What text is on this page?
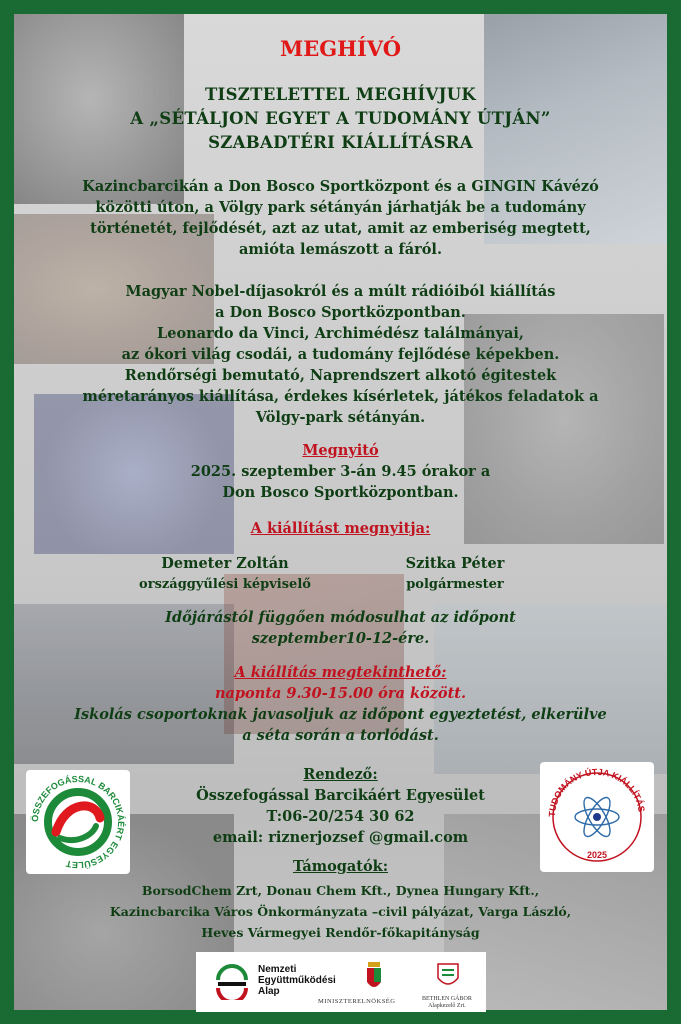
MEGHÍVÓ
TISZTELETTEL MEGHÍVJUK
A „SÉTÁLJON EGYET A TUDOMÁNY ÚTJÁN”
SZABADTÉRI KIÁLLÍTÁSRA
Kazincbarcikán a Don Bosco Sportközpont és a GINGIN Kávézó
közötti úton, a Völgy park sétányán járhatják be a tudomány
történetét, fejlődését, azt az utat, amit az emberiség megtett,
amióta lemászott a fáról.
Magyar Nobel-díjasokról és a múlt rádióiból kiállítás
a Don Bosco Sportközpontban.
Leonardo da Vinci, Archimédész találmányai,
az ókori világ csodái, a tudomány fejlődése képekben.
Rendőrségi bemutató, Naprendszert alkotó égitestek
méretarányos kiállítása, érdekes kísérletek, játékos feladatok a
Völgy-park sétányán.
Megnyitó
2025. szeptember 3-án 9.45 órakor a
Don Bosco Sportközpontban.
A kiállítást megnyitja:
Demeter Zoltán
országgyűlési képviselő
Szitka Péter
polgármester
Időjárástól függően módosulhat az időpont
szeptember10-12-ére.
A kiállítás megtekinthető:
naponta 9.30-15.00 óra között.
Iskolás csoportoknak javasoljuk az időpont egyeztetést, elkerülve
a séta során a torlódást.
Rendező:
Összefogással Barcikáért Egyesület
T:06-20/254 30 62
email: riznerjozsef @gmail.com
Támogatók:
BorsodChem Zrt, Donau Chem Kft., Dynea Hungary Kft.,
Kazincbarcika Város Önkormányzata –civil pályázat, Varga László,
Heves Vármegyei Rendőr-főkapitányság
ÖSSZEFOGÁSSAL BARCIKÁÉRT EGYESÜLET
TUDOMÁNY ÚTJA KIÁLLÍTÁS
2025
Nemzeti
Együttműködési
Alap
MINISZTERELNÖKSÉG	BETHLEN GÁBOR
Alapkezelő Zrt.
